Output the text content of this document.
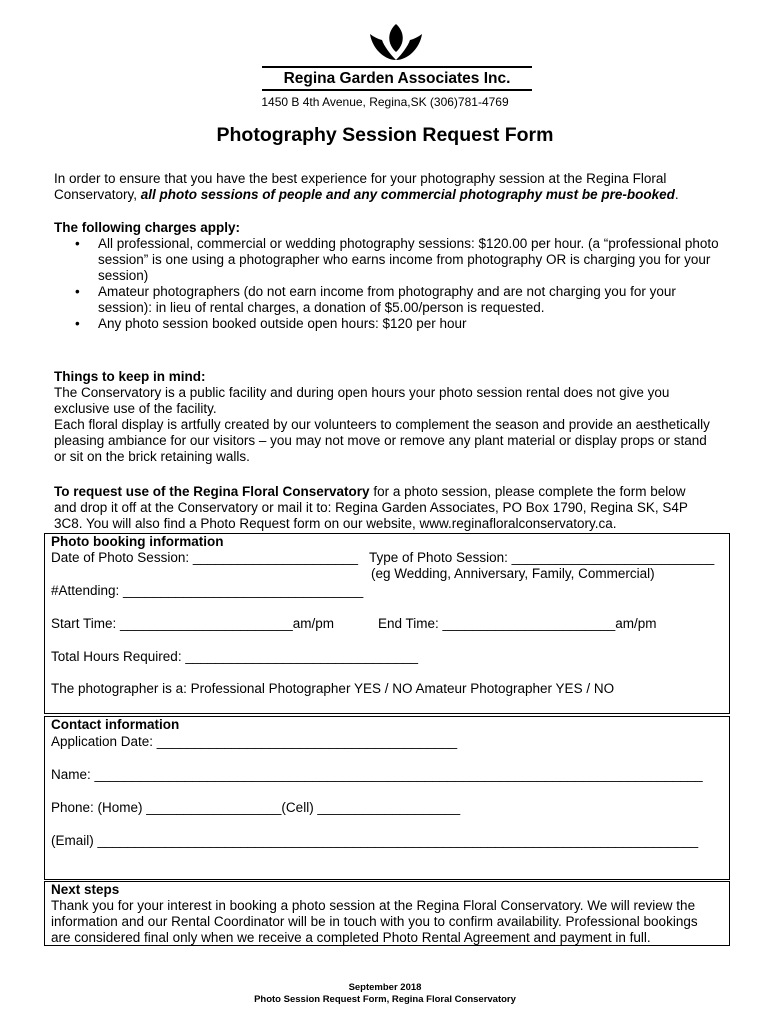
Regina Garden Associates Inc.
1450 B 4th Avenue, Regina,SK (306)781-4769
Photography Session Request Form
In order to ensure that you have the best experience for your photography session at the Regina Floral Conservatory, all photo sessions of people and any commercial photography must be pre-booked.
The following charges apply:
• All professional, commercial or wedding photography sessions: $120.00 per hour. (a “professional photo session” is one using a photographer who earns income from photography OR is charging you for your session)
• Amateur photographers (do not earn income from photography and are not charging you for your session): in lieu of rental charges, a donation of $5.00/person is requested.
• Any photo session booked outside open hours: $120 per hour
Things to keep in mind:
The Conservatory is a public facility and during open hours your photo session rental does not give you exclusive use of the facility.
Each floral display is artfully created by our volunteers to complement the season and provide an aesthetically pleasing ambiance for our visitors – you may not move or remove any plant material or display props or stand or sit on the brick retaining walls.
To request use of the Regina Floral Conservatory for a photo session, please complete the form below
and drop it off at the Conservatory or mail it to: Regina Garden Associates, PO Box 1790, Regina SK, S4P
3C8. You will also find a Photo Request form on our website, www.reginafloralconservatory.ca.
Photo booking information
Date of Photo Session: ______________________ Type of Photo Session: ___________________________
(eg Wedding, Anniversary, Family, Commercial)
#Attending: ________________________________
Start Time: _______________________am/pm	End Time: _______________________am/pm
Total Hours Required: _______________________________
The photographer is a: Professional Photographer YES / NO Amateur Photographer YES / NO
Contact information
Application Date: ________________________________________
Name: _________________________________________________________________________________
Phone: (Home) __________________(Cell) ___________________
(Email) ________________________________________________________________________________
Next steps
Thank you for your interest in booking a photo session at the Regina Floral Conservatory. We will review the
information and our Rental Coordinator will be in touch with you to confirm availability. Professional bookings
are considered final only when we receive a completed Photo Rental Agreement and payment in full.
September 2018
Photo Session Request Form, Regina Floral Conservatory
